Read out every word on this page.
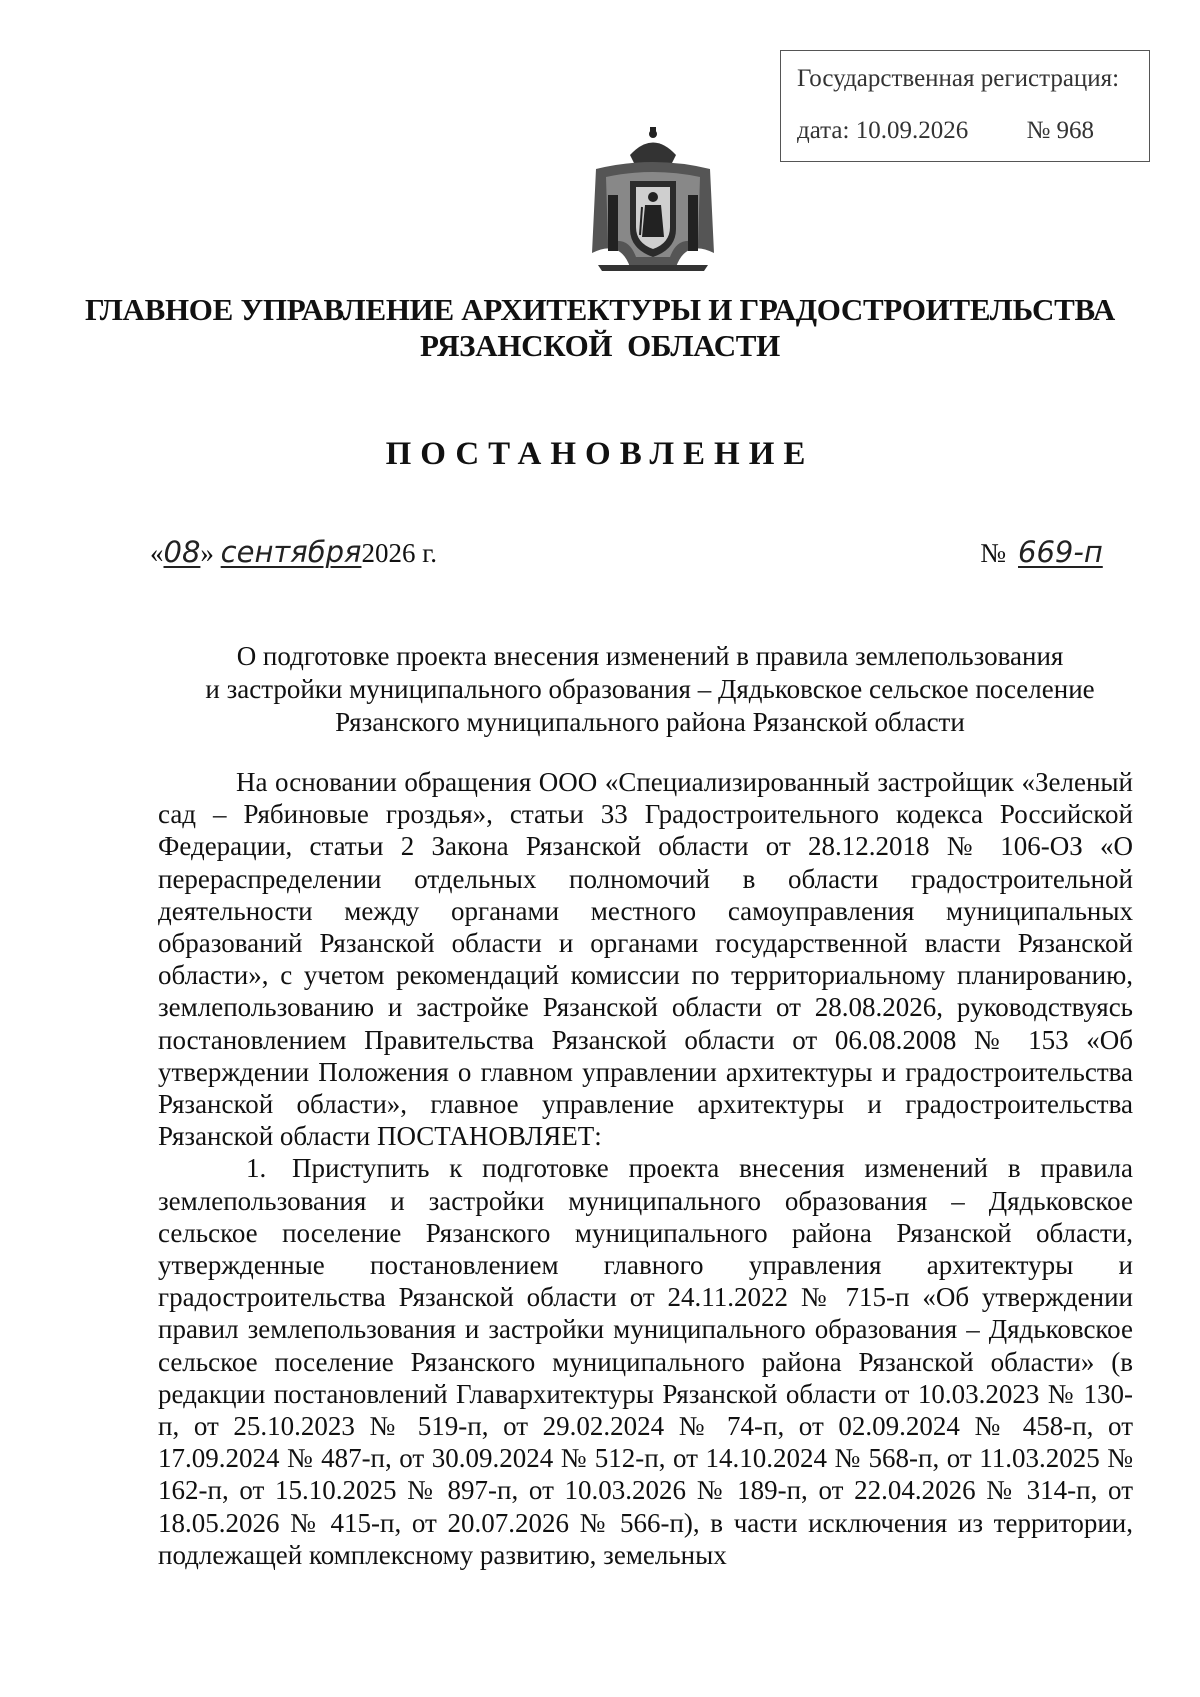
Государственная регистрация:
дата: 10.09.2026 № 968
ГЛАВНОЕ УПРАВЛЕНИЕ АРХИТЕКТУРЫ И ГРАДОСТРОИТЕЛЬСТВА
РЯЗАНСКОЙ  ОБЛАСТИ
ПОСТАНОВЛЕНИЕ
«08» сентября2026 г.	№ 669-п
О подготовке проекта внесения изменений в правила землепользования
и застройки муниципального образования – Дядьковское сельское поселение
Рязанского муниципального района Рязанской области

На основании обращения ООО «Специализированный застройщик «Зеленый сад – Рябиновые гроздья», статьи 33 Градостроительного кодекса Российской Федерации, статьи 2 Закона Рязанской области от 28.12.2018 № 106-ОЗ «О перераспределении отдельных полномочий в области градостроительной деятельности между органами местного самоуправления муниципальных образований Рязанской области и органами государственной власти Рязанской области», с учетом рекомендаций комиссии по территориальному планированию, землепользованию и застройке Рязанской области от 28.08.2026, руководствуясь постановлением Правительства Рязанской области от 06.08.2008 № 153 «Об утверждении Положения о главном управлении архитектуры и градостроительства Рязанской области», главное управление архитектуры и градостроительства Рязанской области ПОСТАНОВЛЯЕТ:

1. Приступить к подготовке проекта внесения изменений в правила землепользования и застройки муниципального образования – Дядьковское сельское поселение Рязанского муниципального района Рязанской области, утвержденные постановлением главного управления архитектуры и градостроительства Рязанской области от 24.11.2022 № 715-п «Об утверждении правил землепользования и застройки муниципального образования – Дядьковское сельское поселение Рязанского муниципального района Рязанской области» (в редакции постановлений Главархитектуры Рязанской области от 10.03.2023 № 130-п, от 25.10.2023 № 519-п, от 29.02.2024 № 74-п, от 02.09.2024 № 458-п, от 17.09.2024 № 487-п, от 30.09.2024 № 512-п, от 14.10.2024 № 568-п, от 11.03.2025 № 162-п, от 15.10.2025 № 897-п, от 10.03.2026 № 189-п, от 22.04.2026 № 314-п, от 18.05.2026 № 415-п, от 20.07.2026 № 566-п), в части исключения из территории, подлежащей комплексному развитию, земельных
